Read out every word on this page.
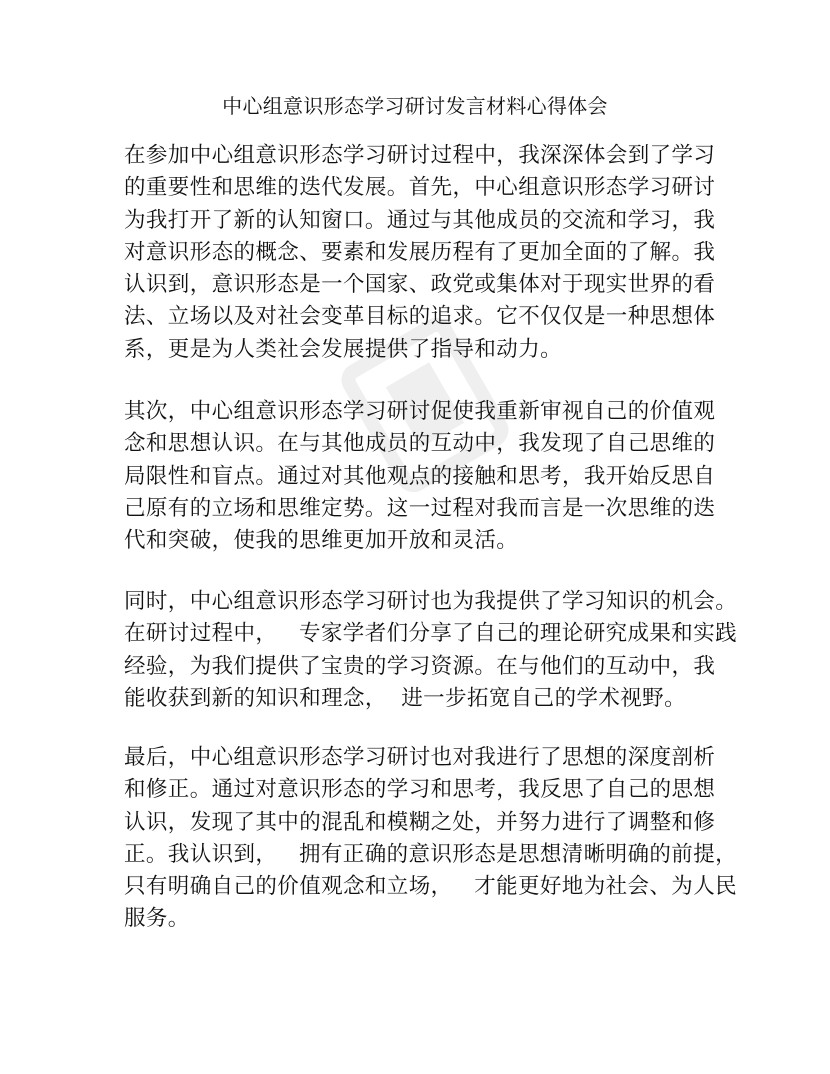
中心组意识形态学习研讨发言材料心得体会
在参加中心组意识形态学习研讨过程中，我深深体会到了学习
的重要性和思维的迭代发展。首先，中心组意识形态学习研讨
为我打开了新的认知窗口。通过与其他成员的交流和学习，我
对意识形态的概念、要素和发展历程有了更加全面的了解。我
认识到，意识形态是一个国家、政党或集体对于现实世界的看
法、立场以及对社会变革目标的追求。它不仅仅是一种思想体
系，更是为人类社会发展提供了指导和动力。
其次，中心组意识形态学习研讨促使我重新审视自己的价值观
念和思想认识。在与其他成员的互动中，我发现了自己思维的
局限性和盲点。通过对其他观点的接触和思考，我开始反思自
己原有的立场和思维定势。这一过程对我而言是一次思维的迭
代和突破，使我的思维更加开放和灵活。
同时，中心组意识形态学习研讨也为我提供了学习知识的机会。
在研讨过程中，   专家学者们分享了自己的理论研究成果和实践
经验，为我们提供了宝贵的学习资源。在与他们的互动中，我
能收获到新的知识和理念，  进一步拓宽自己的学术视野。
最后，中心组意识形态学习研讨也对我进行了思想的深度剖析
和修正。通过对意识形态的学习和思考，我反思了自己的思想
认识，发现了其中的混乱和模糊之处，并努力进行了调整和修
正。我认识到，   拥有正确的意识形态是思想清晰明确的前提，
只有明确自己的价值观念和立场，   才能更好地为社会、为人民
服务。
